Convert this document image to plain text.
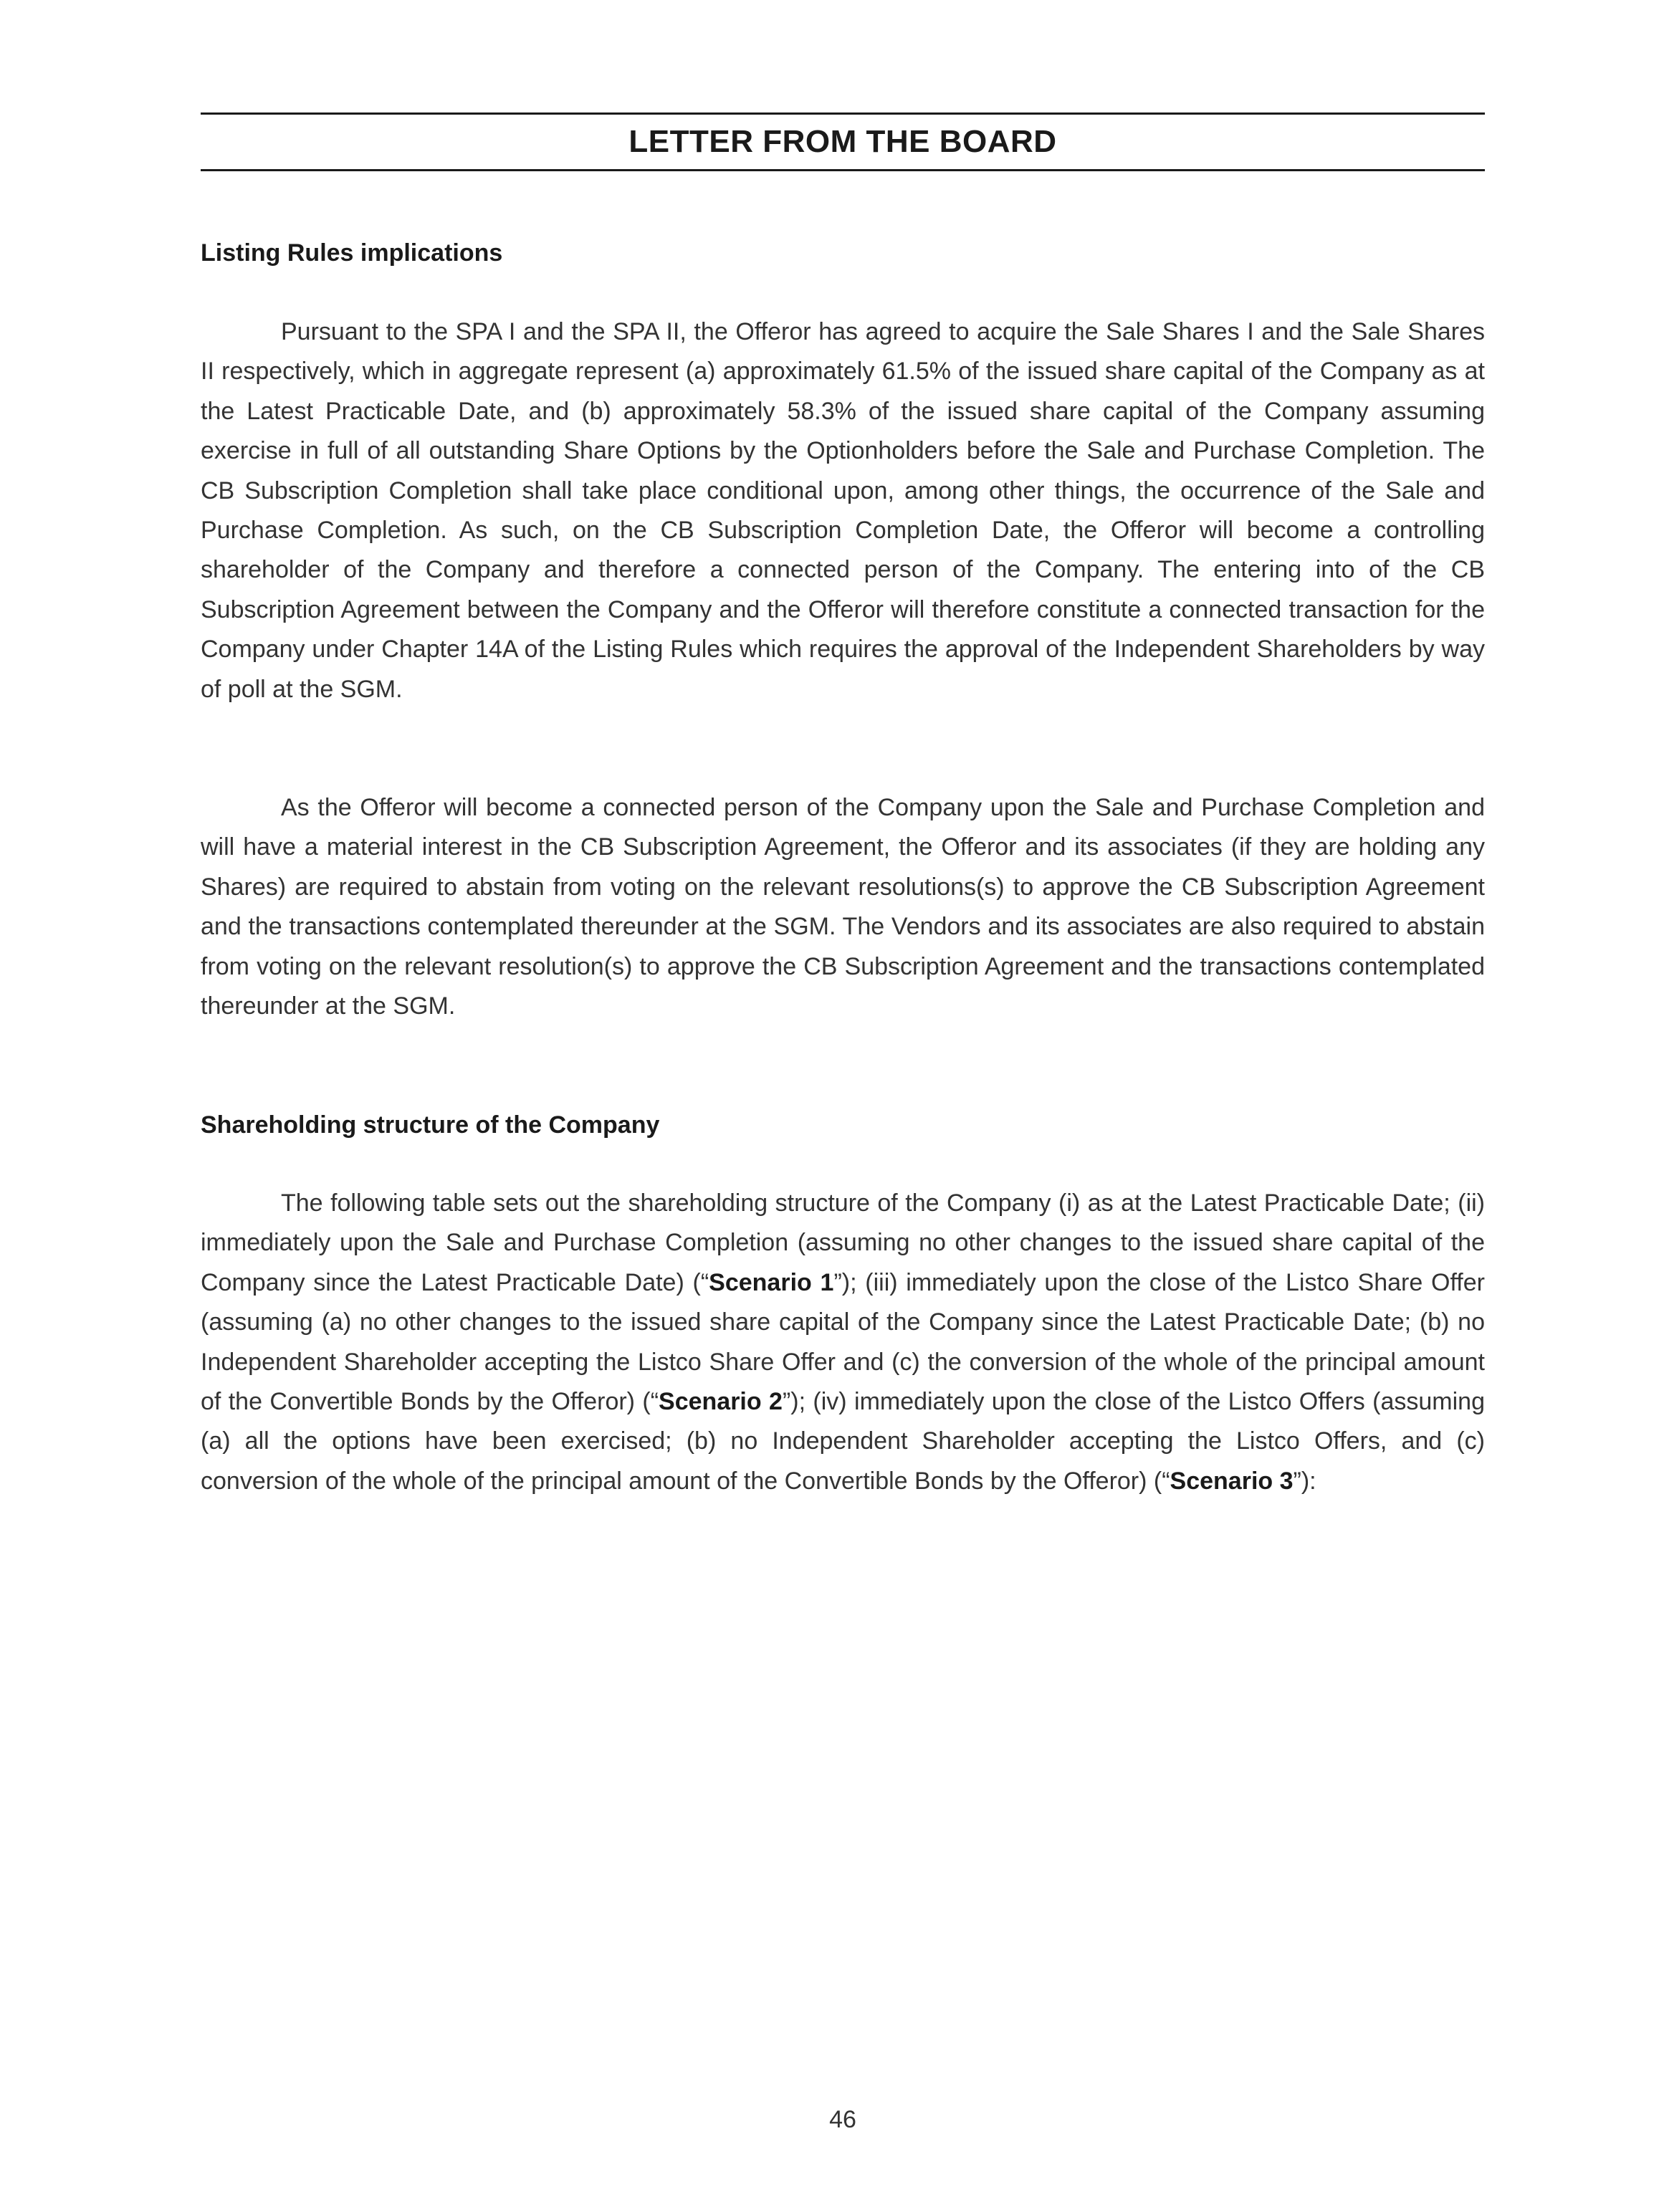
LETTER FROM THE BOARD
Listing Rules implications

Pursuant to the SPA I and the SPA II, the Offeror has agreed to acquire the Sale Shares I and the Sale Shares II respectively, which in aggregate represent (a) approximately 61.5% of the issued share capital of the Company as at the Latest Practicable Date, and (b) approximately 58.3% of the issued share capital of the Company assuming exercise in full of all outstanding Share Options by the Optionholders before the Sale and Purchase Completion. The CB Subscription Completion shall take place conditional upon, among other things, the occurrence of the Sale and Purchase Completion. As such, on the CB Subscription Completion Date, the Offeror will become a controlling shareholder of the Company and therefore a connected person of the Company. The entering into of the CB Subscription Agreement between the Company and the Offeror will therefore constitute a connected transaction for the Company under Chapter 14A of the Listing Rules which requires the approval of the Independent Shareholders by way of poll at the SGM.

As the Offeror will become a connected person of the Company upon the Sale and Purchase Completion and will have a material interest in the CB Subscription Agreement, the Offeror and its associates (if they are holding any Shares) are required to abstain from voting on the relevant resolutions(s) to approve the CB Subscription Agreement and the transactions contemplated thereunder at the SGM. The Vendors and its associates are also required to abstain from voting on the relevant resolution(s) to approve the CB Subscription Agreement and the transactions contemplated thereunder at the SGM.

Shareholding structure of the Company

The following table sets out the shareholding structure of the Company (i) as at the Latest Practicable Date; (ii) immediately upon the Sale and Purchase Completion (assuming no other changes to the issued share capital of the Company since the Latest Practicable Date) (“Scenario 1”); (iii) immediately upon the close of the Listco Share Offer (assuming (a) no other changes to the issued share capital of the Company since the Latest Practicable Date; (b) no Independent Shareholder accepting the Listco Share Offer and (c) the conversion of the whole of the principal amount of the Convertible Bonds by the Offeror) (“Scenario 2”); (iv) immediately upon the close of the Listco Offers (assuming (a) all the options have been exercised; (b) no Independent Shareholder accepting the Listco Offers, and (c) conversion of the whole of the principal amount of the Convertible Bonds by the Offeror) (“Scenario 3”):

46
